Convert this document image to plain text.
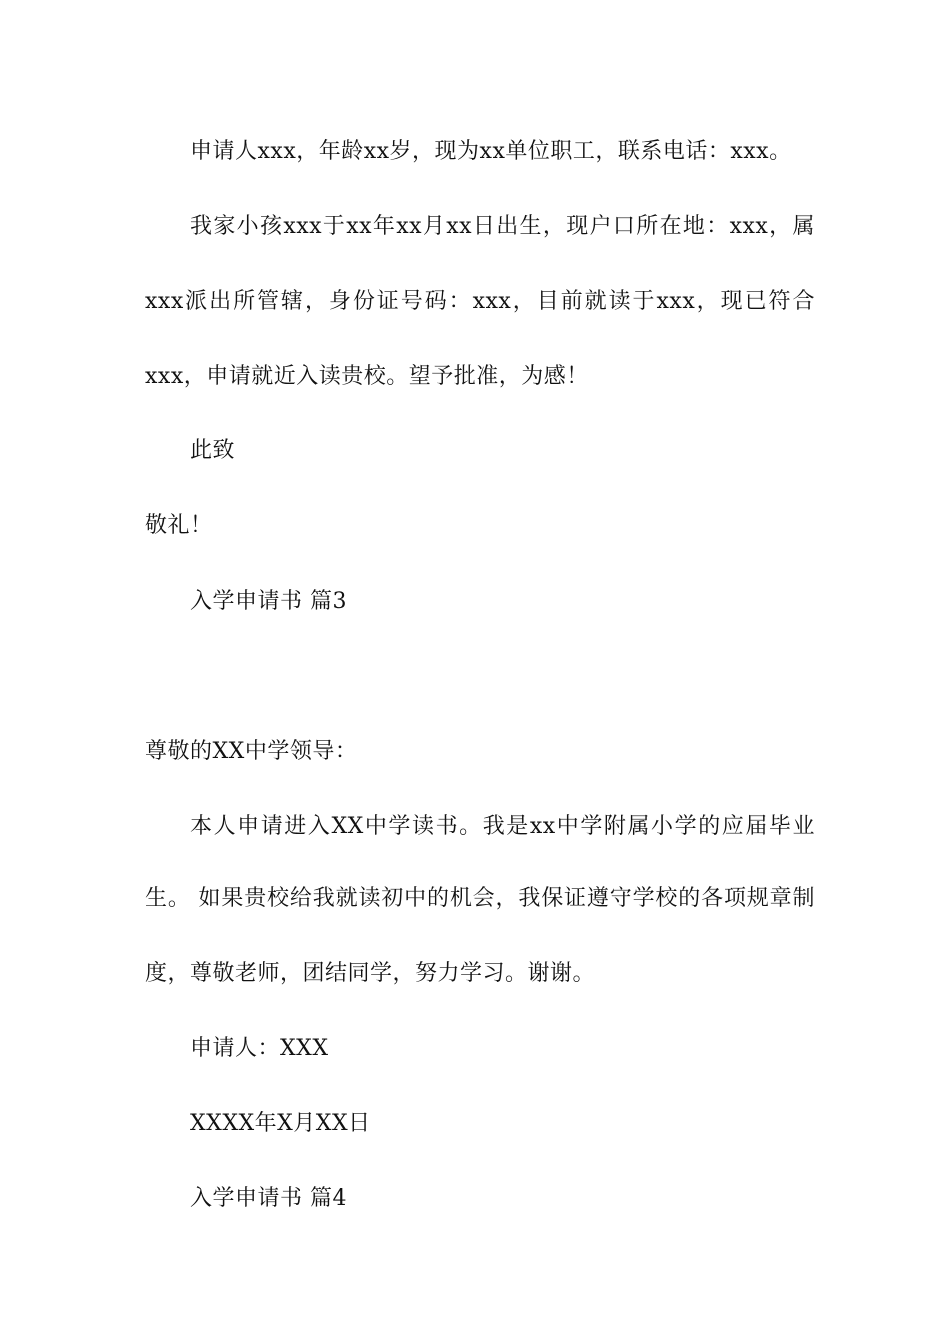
申请人xxx，年龄xx岁，现为xx单位职工，联系电话：xxx。
我家小孩xxx于xx年xx月xx日出生，现户口所在地：xxx，属
xxx派出所管辖，身份证号码：xxx，目前就读于xxx，现已符合
xxx，申请就近入读贵校。望予批准，为感！
此致
敬礼！
入学申请书 篇3
尊敬的XX中学领导：
本人申请进入XX中学读书。我是xx中学附属小学的应届毕业
生。 如果贵校给我就读初中的机会，我保证遵守学校的各项规章制
度，尊敬老师，团结同学，努力学习。谢谢。
申请人：XXX
XXXX年X月XX日
入学申请书 篇4
